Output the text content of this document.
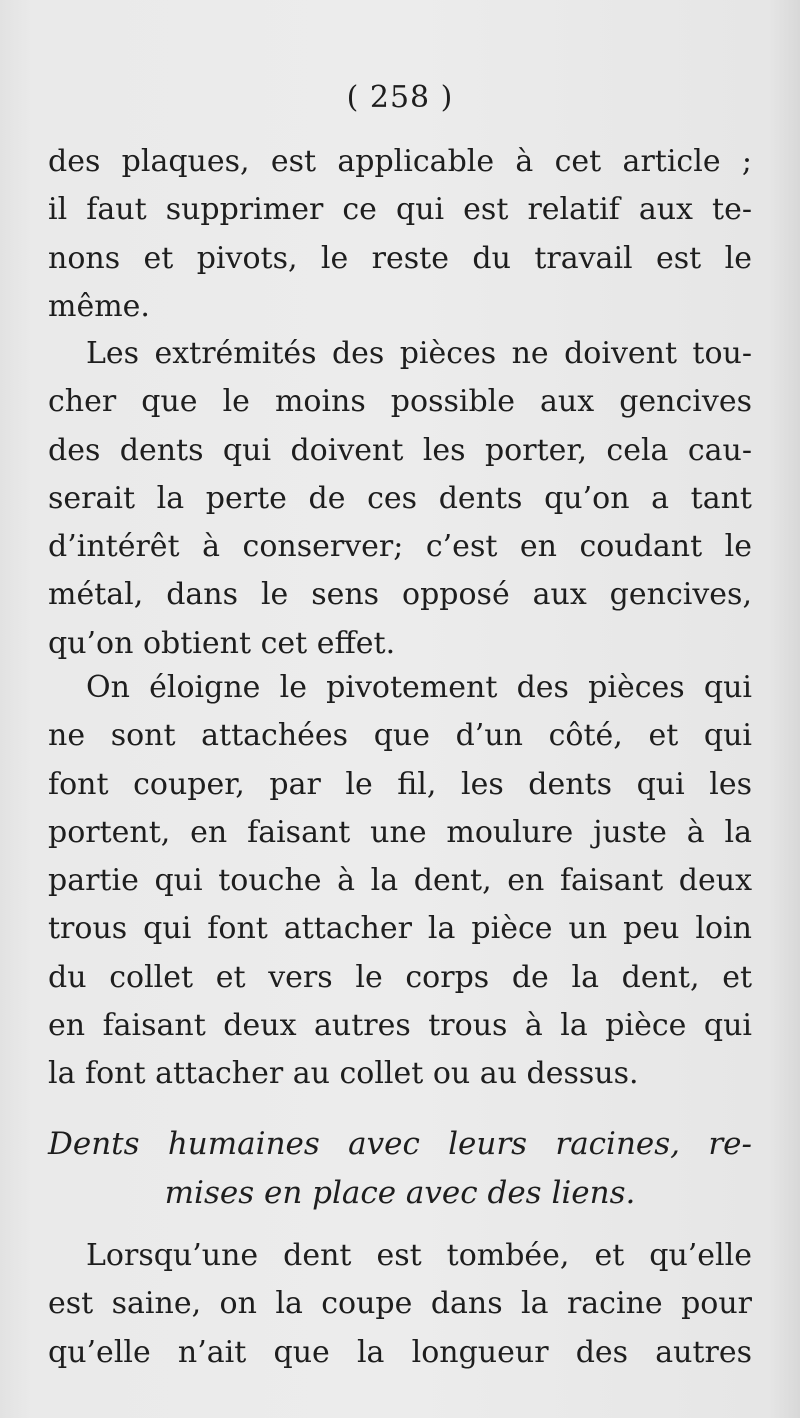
( 258 )

des plaques, est applicable à cet article ;
il faut supprimer ce qui est relatif aux te-
nons et pivots, le reste du travail est le
même.

Les extrémités des pièces ne doivent tou-
cher que le moins possible aux gencives
des dents qui doivent les porter, cela cau-
serait la perte de ces dents qu’on a tant
d’intérêt à conserver; c’est en coudant le
métal, dans le sens opposé aux gencives,
qu’on obtient cet effet.

On éloigne le pivotement des pièces qui
ne sont attachées que d’un côté, et qui
font couper, par le fil, les dents qui les
portent, en faisant une moulure juste à la
partie qui touche à la dent, en faisant deux
trous qui font attacher la pièce un peu loin
du collet et vers le corps de la dent, et
en faisant deux autres trous à la pièce qui
la font attacher au collet ou au dessus.

Dents humaines avec leurs racines, re-
mises en place avec des liens.

Lorsqu’une dent est tombée, et qu’elle
est saine, on la coupe dans la racine pour
qu’elle n’ait que la longueur des autres
